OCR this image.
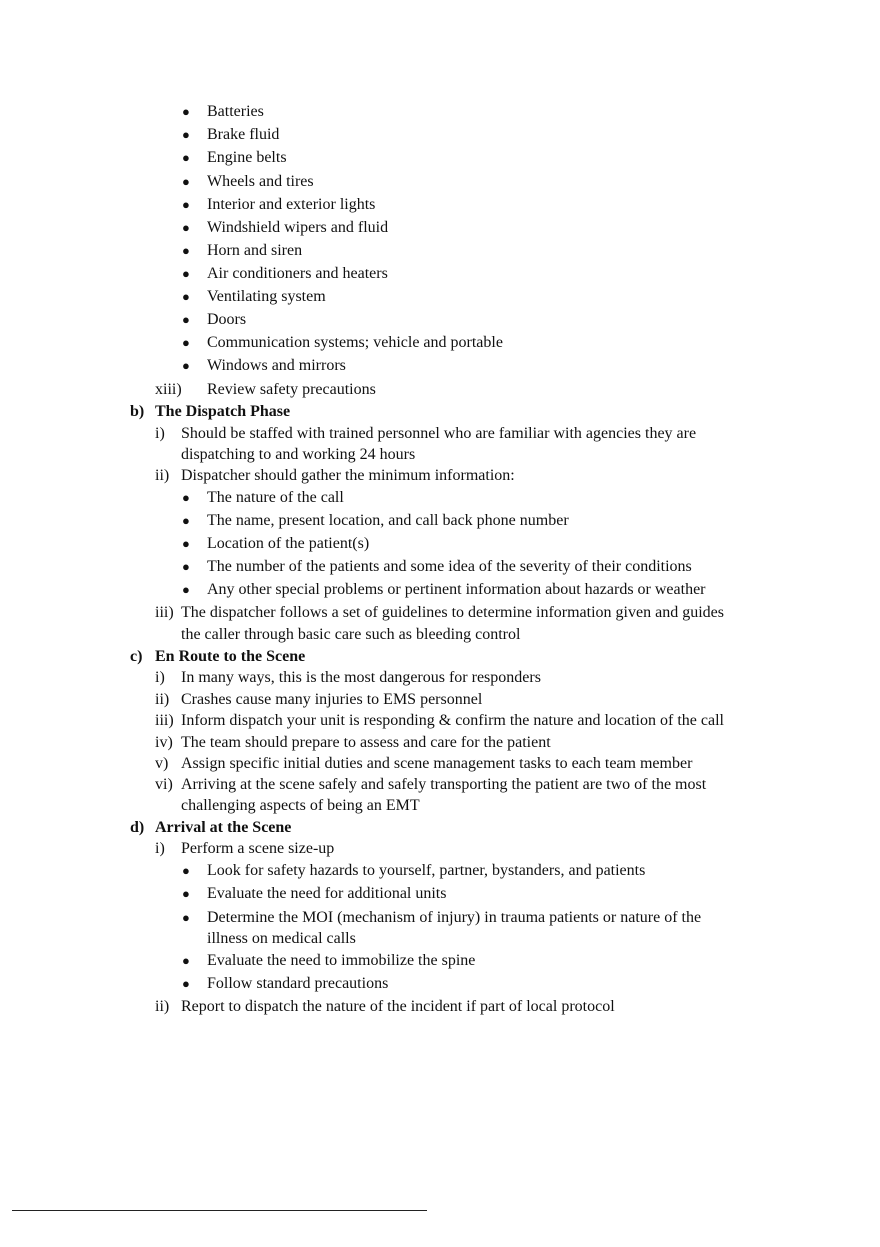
● Batteries
● Brake fluid
● Engine belts
● Wheels and tires
● Interior and exterior lights
● Windshield wipers and fluid
● Horn and siren
● Air conditioners and heaters
● Ventilating system
● Doors
● Communication systems; vehicle and portable
● Windows and mirrors
xiii) Review safety precautions
b) The Dispatch Phase
i) Should be staffed with trained personnel who are familiar with agencies they are
dispatching to and working 24 hours
ii) Dispatcher should gather the minimum information:
● The nature of the call
● The name, present location, and call back phone number
● Location of the patient(s)
● The number of the patients and some idea of the severity of their conditions
● Any other special problems or pertinent information about hazards or weather
iii) The dispatcher follows a set of guidelines to determine information given and guides
the caller through basic care such as bleeding control
c) En Route to the Scene
i) In many ways, this is the most dangerous for responders
ii) Crashes cause many injuries to EMS personnel
iii) Inform dispatch your unit is responding & confirm the nature and location of the call
iv) The team should prepare to assess and care for the patient
v) Assign specific initial duties and scene management tasks to each team member
vi) Arriving at the scene safely and safely transporting the patient are two of the most
challenging aspects of being an EMT
d) Arrival at the Scene
i) Perform a scene size-up
● Look for safety hazards to yourself, partner, bystanders, and patients
● Evaluate the need for additional units
● Determine the MOI (mechanism of injury) in trauma patients or nature of the
illness on medical calls
● Evaluate the need to immobilize the spine
● Follow standard precautions
ii) Report to dispatch the nature of the incident if part of local protocol
